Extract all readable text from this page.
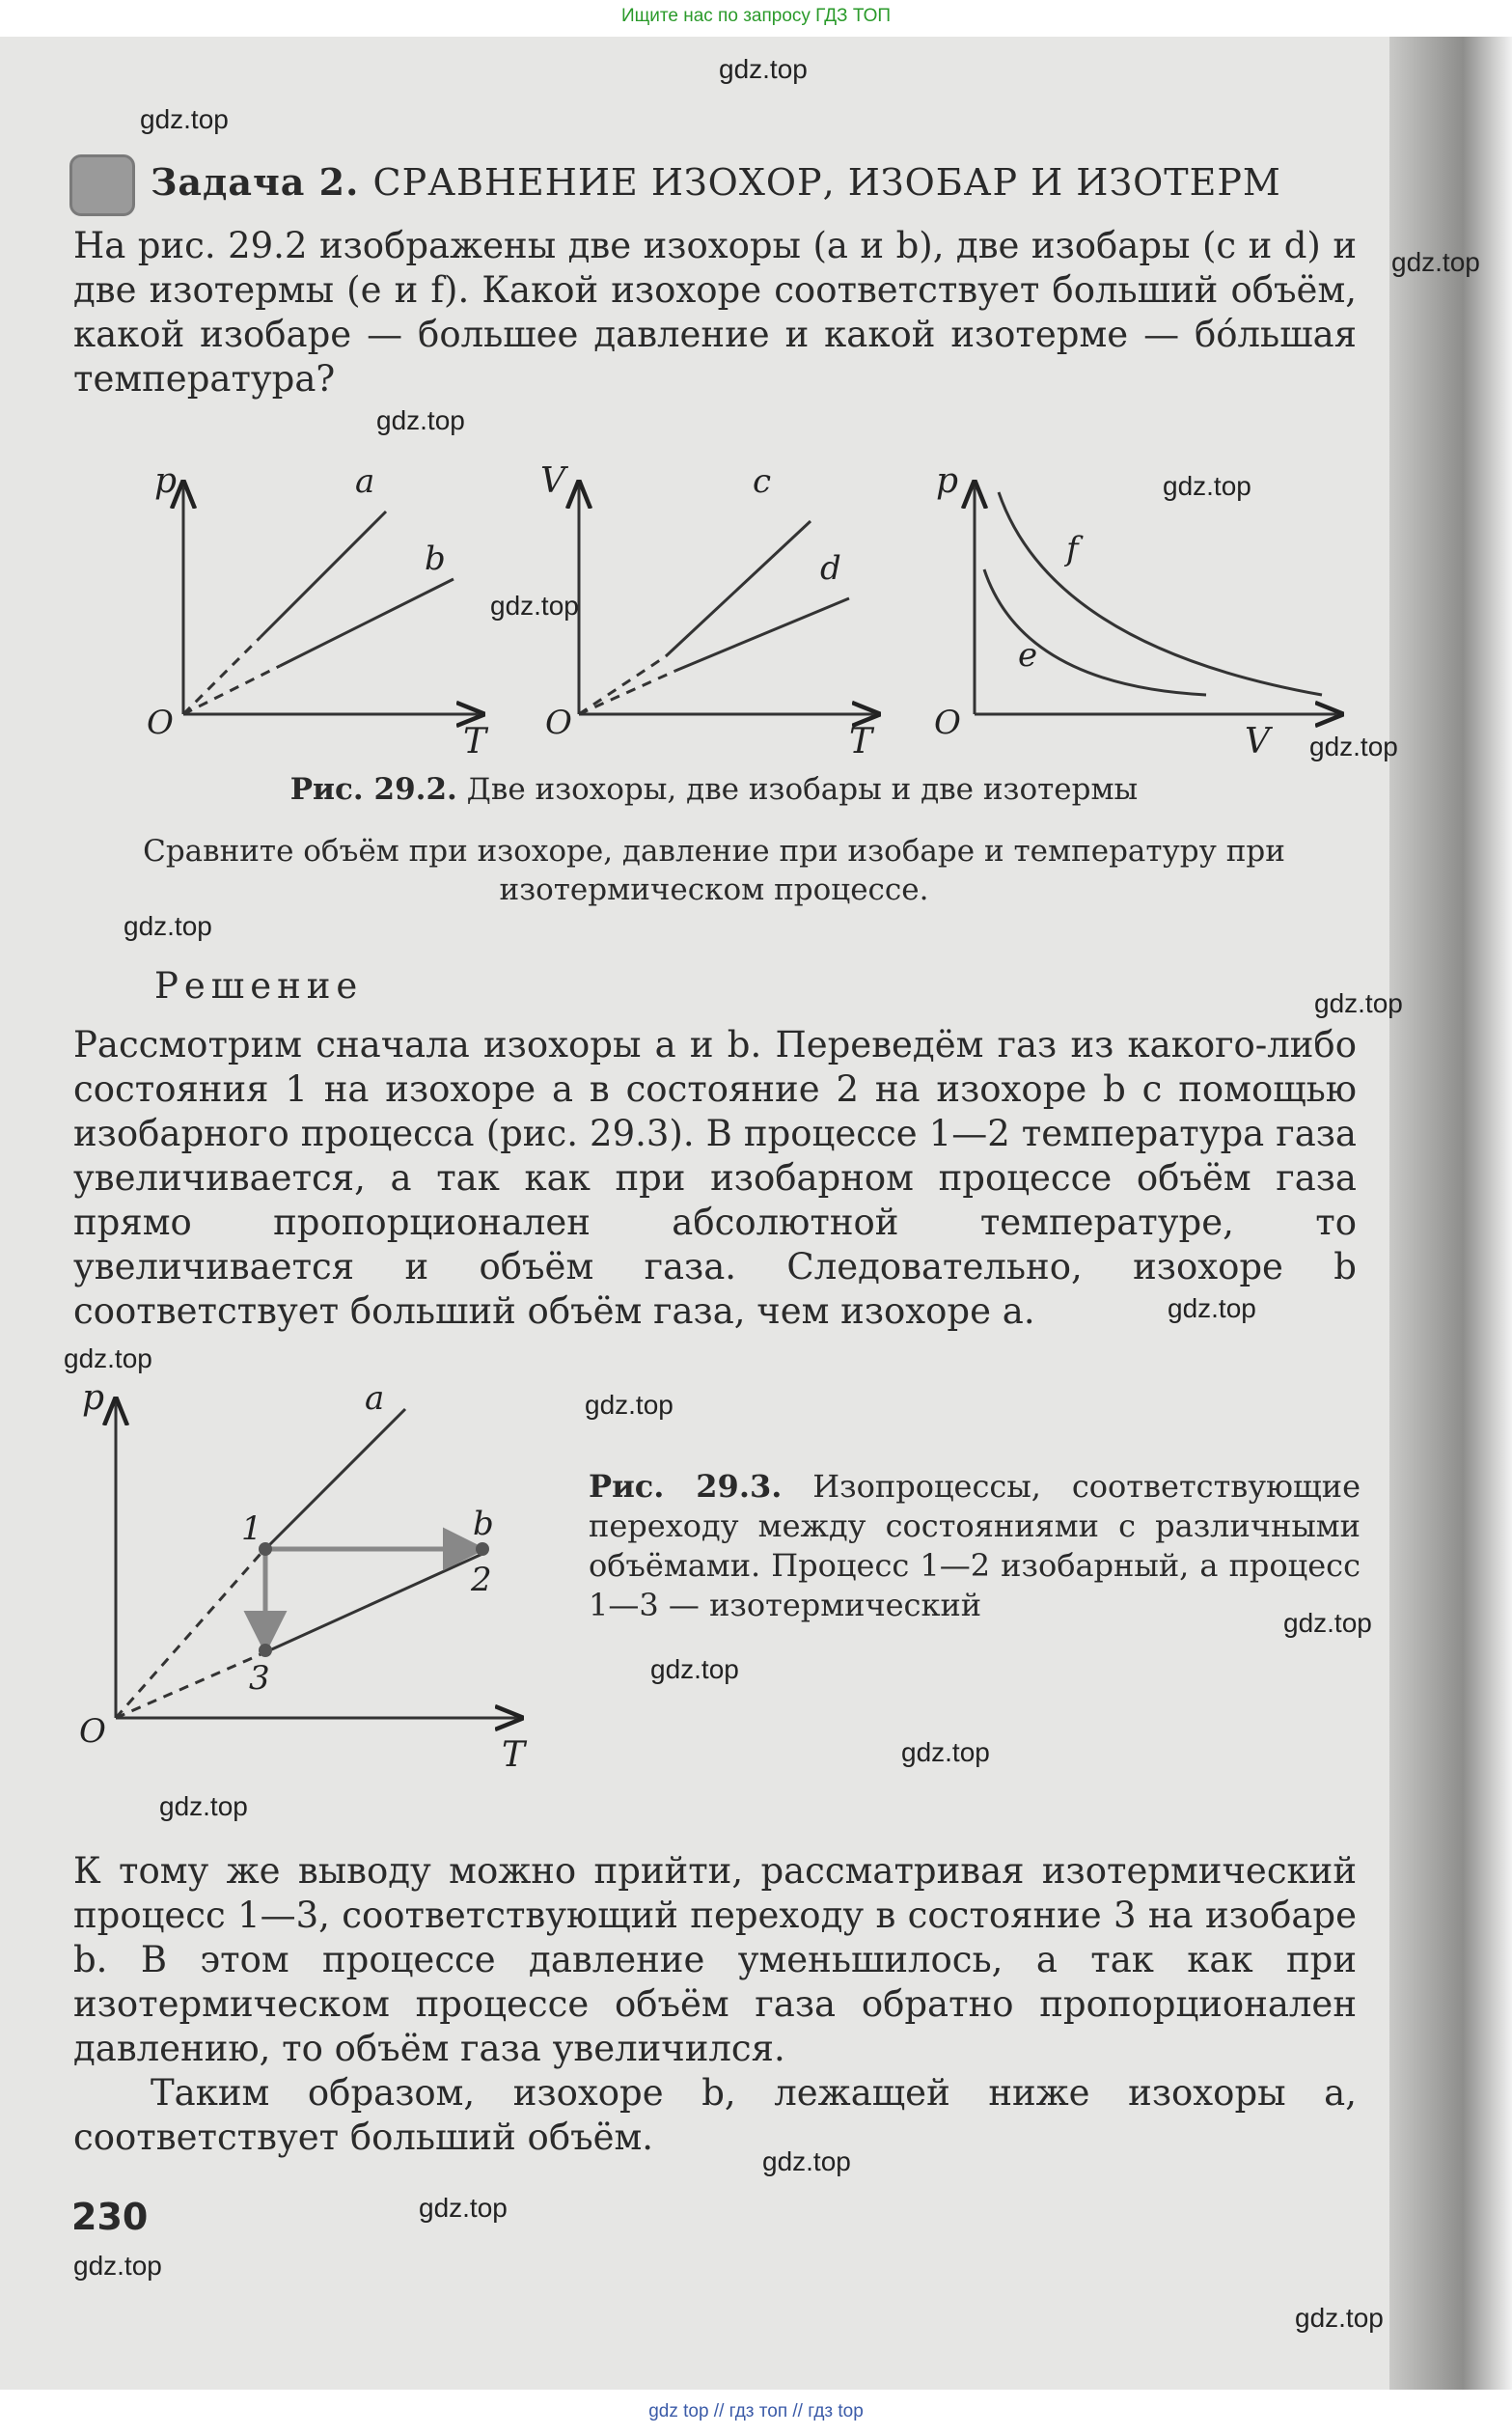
Ищите нас по запросу ГДЗ ТОП
gdz.top
gdz.top
gdz.top
gdz.top
gdz.top
gdz.top
gdz.top
gdz.top
gdz.top
gdz.top
gdz.top
gdz.top
gdz.top
gdz.top
gdz.top
gdz.top
gdz.top
gdz.top
gdz.top
gdz.top
Задача 2. СРАВНЕНИЕ ИЗОХОР, ИЗОБАР И ИЗОТЕРМ
На рис. 29.2 изображены две изохоры (a и b), две изобары (c и d) и две изотермы (e и f). Какой изохоре соответствует больший объём, какой изобаре — большее давление и какой изотерме — бо́льшая температура?
p
T
O
a
b
V
T
O
c
d
p
V
O
f
e
Рис. 29.2. Две изохоры, две изобары и две изотермы
Сравните объём при изохоре, давление при изобаре и температуру при изотермическом процессе.
Решение
Рассмотрим сначала изохоры a и b. Переведём газ из какого-либо состояния 1 на изохоре a в состояние 2 на изохоре b с помощью изобарного процесса (рис. 29.3). В процессе 1—2 температура газа увеличивается, а так как при изобарном процессе объём газа прямо пропорционален абсолютной температуре, то увеличивается и объём газа. Следовательно, изохоре b соответствует больший объём газа, чем изохоре a.
p
T
O
a
b
1
2
3
Рис. 29.3. Изопроцессы, соответствующие переходу между состояниями с различными объёмами. Процесс 1—2 изобарный, а процесс 1—3 — изотермический
К тому же выводу можно прийти, рассматривая изотермический процесс 1—3, соответствующий переходу в состояние 3 на изобаре b. В этом процессе давление уменьшилось, а так как при изотермическом процессе объём газа обратно пропорционален давлению, то объём газа увеличился.
Таким образом, изохоре b, лежащей ниже изохоры a, соответствует больший объём.
230
gdz top // гдз топ // гдз top
